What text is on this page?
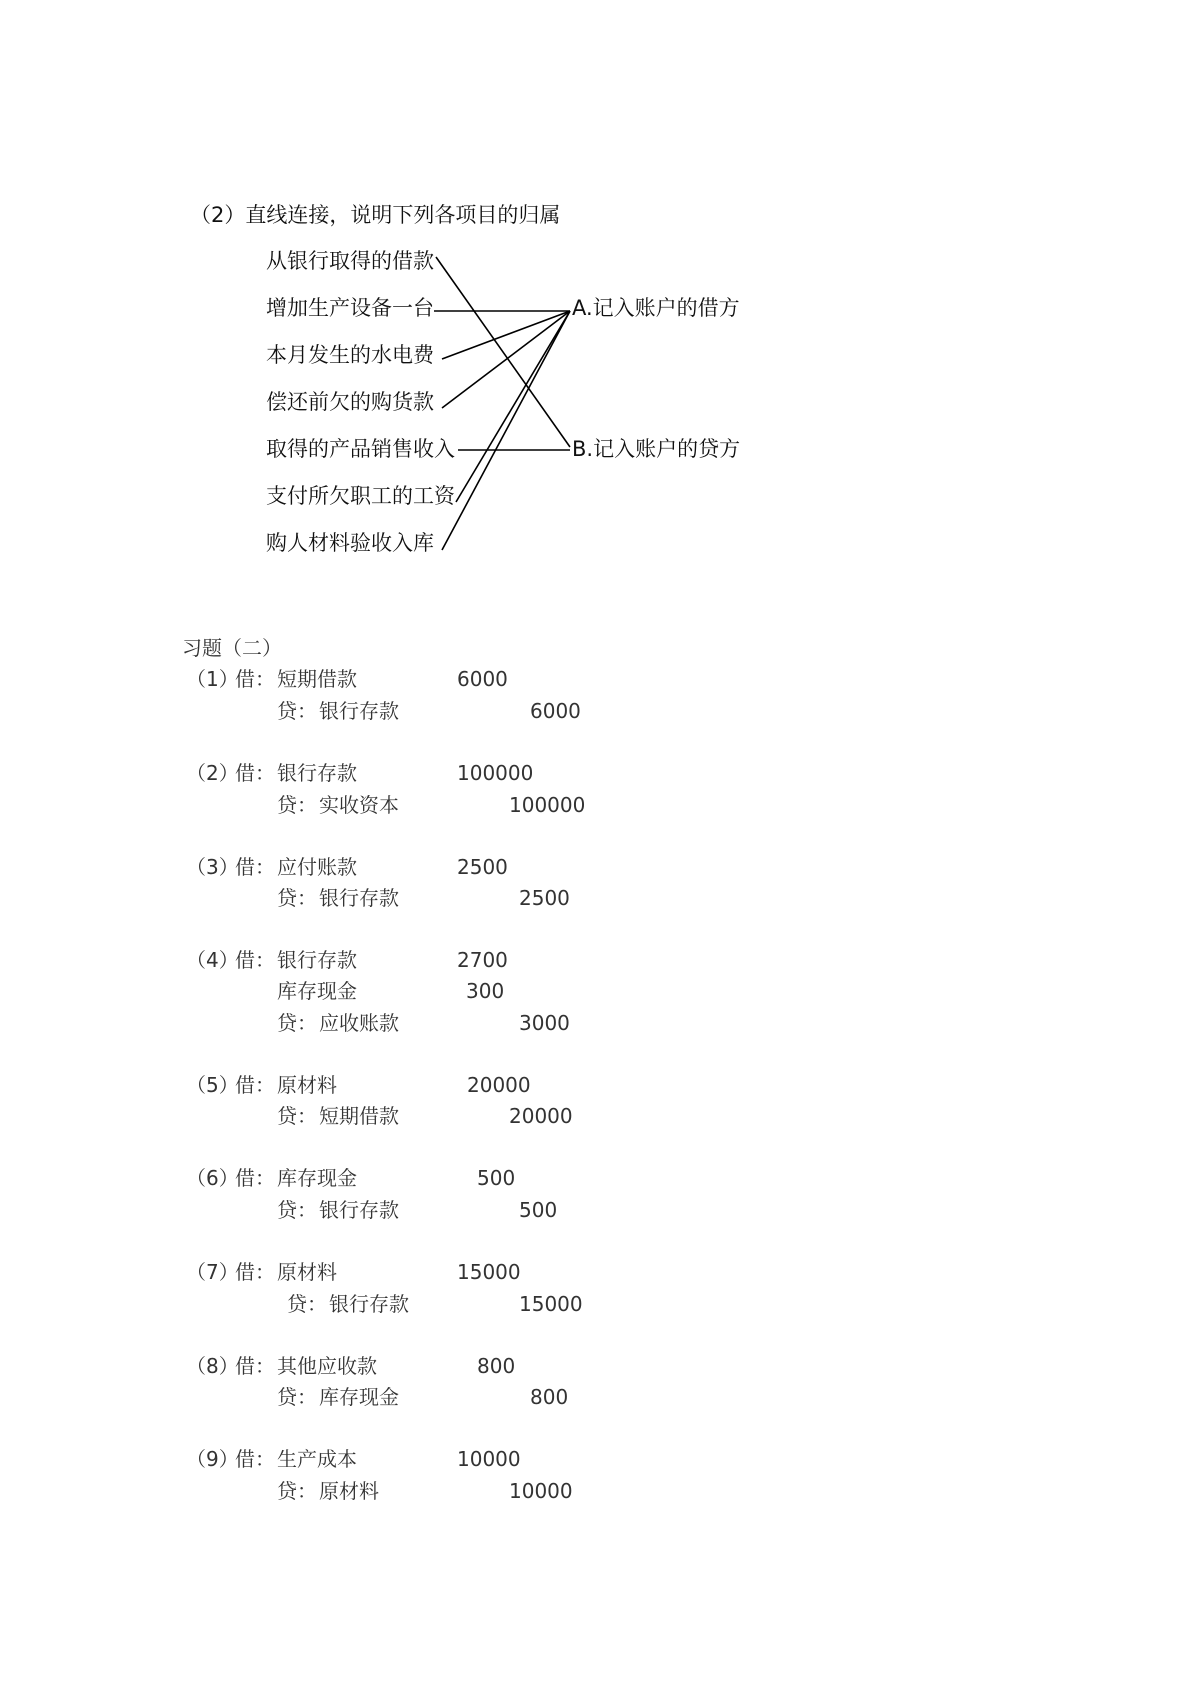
（2）直线连接，说明下列各项目的归属
从银行取得的借款
增加生产设备一台
本月发生的水电费
偿还前欠的购货款
取得的产品销售收入
支付所欠职工的工资
购人材料验收入库
A.记入账户的借方
B.记入账户的贷方
习题（二）
（1）
借： 短期借款	6000
贷： 银行存款	6000
（2）
借： 银行存款	100000
贷： 实收资本	100000
（3）
借： 应付账款	2500
贷： 银行存款	2500
（4）
借： 银行存款	2700
库存现金	300
贷： 应收账款	3000
（5）
借： 原材料	20000
贷： 短期借款	20000
（6）
借： 库存现金	500
贷： 银行存款	500
（7）
借： 原材料	15000
贷： 银行存款	15000
（8）
借： 其他应收款	800
贷： 库存现金	800
（9）
借： 生产成本	10000
贷： 原材料	10000
